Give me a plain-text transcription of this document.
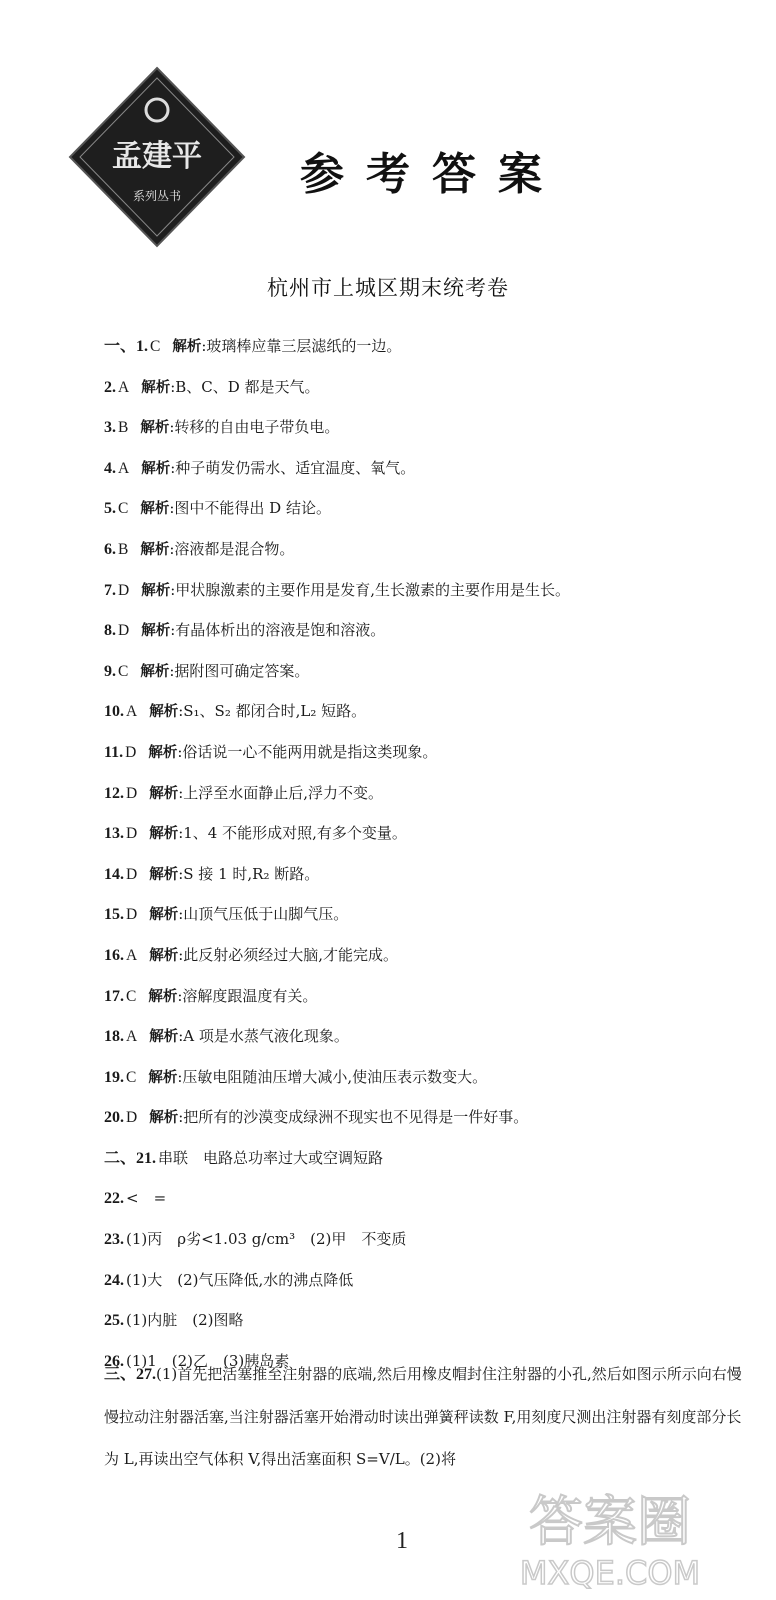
孟建平
系列丛书	参考答案
杭州市上城区期末统考卷
一、1. C 解析:玻璃棒应靠三层滤纸的一边。
2. A 解析:B、C、D 都是天气。
3. B 解析:转移的自由电子带负电。
4. A 解析:种子萌发仍需水、适宜温度、氧气。
5. C 解析:图中不能得出 D 结论。
6. B 解析:溶液都是混合物。
7. D 解析:甲状腺激素的主要作用是发育,生长激素的主要作用是生长。
8. D 解析:有晶体析出的溶液是饱和溶液。
9. C 解析:据附图可确定答案。
10. A 解析:S₁、S₂ 都闭合时,L₂ 短路。
11. D 解析:俗话说一心不能两用就是指这类现象。
12. D 解析:上浮至水面静止后,浮力不变。
13. D 解析:1、4 不能形成对照,有多个变量。
14. D 解析:S 接 1 时,R₂ 断路。
15. D 解析:山顶气压低于山脚气压。
16. A 解析:此反射必须经过大脑,才能完成。
17. C 解析:溶解度跟温度有关。
18. A 解析:A 项是水蒸气液化现象。
19. C 解析:压敏电阻随油压增大减小,使油压表示数变大。
20. D 解析:把所有的沙漠变成绿洲不现实也不见得是一件好事。
二、21. 串联　电路总功率过大或空调短路
22. <　=
23. (1)丙　ρ劣<1.03 g/cm³　(2)甲　不变质
24. (1)大　(2)气压降低,水的沸点降低
25. (1)内脏　(2)图略
26. (1)1　(2)乙　(3)胰岛素
三、27.(1)首先把活塞推至注射器的底端,然后用橡皮帽封住注射器的小孔,然后如图示所示向右慢慢拉动注射器活塞,当注射器活塞开始滑动时读出弹簧秤读数 F,用刻度尺测出注射器有刻度部分长为 L,再读出空气体积 V,得出活塞面积 S=V/L。(2)将
1 答案圈
MXQE.COM
